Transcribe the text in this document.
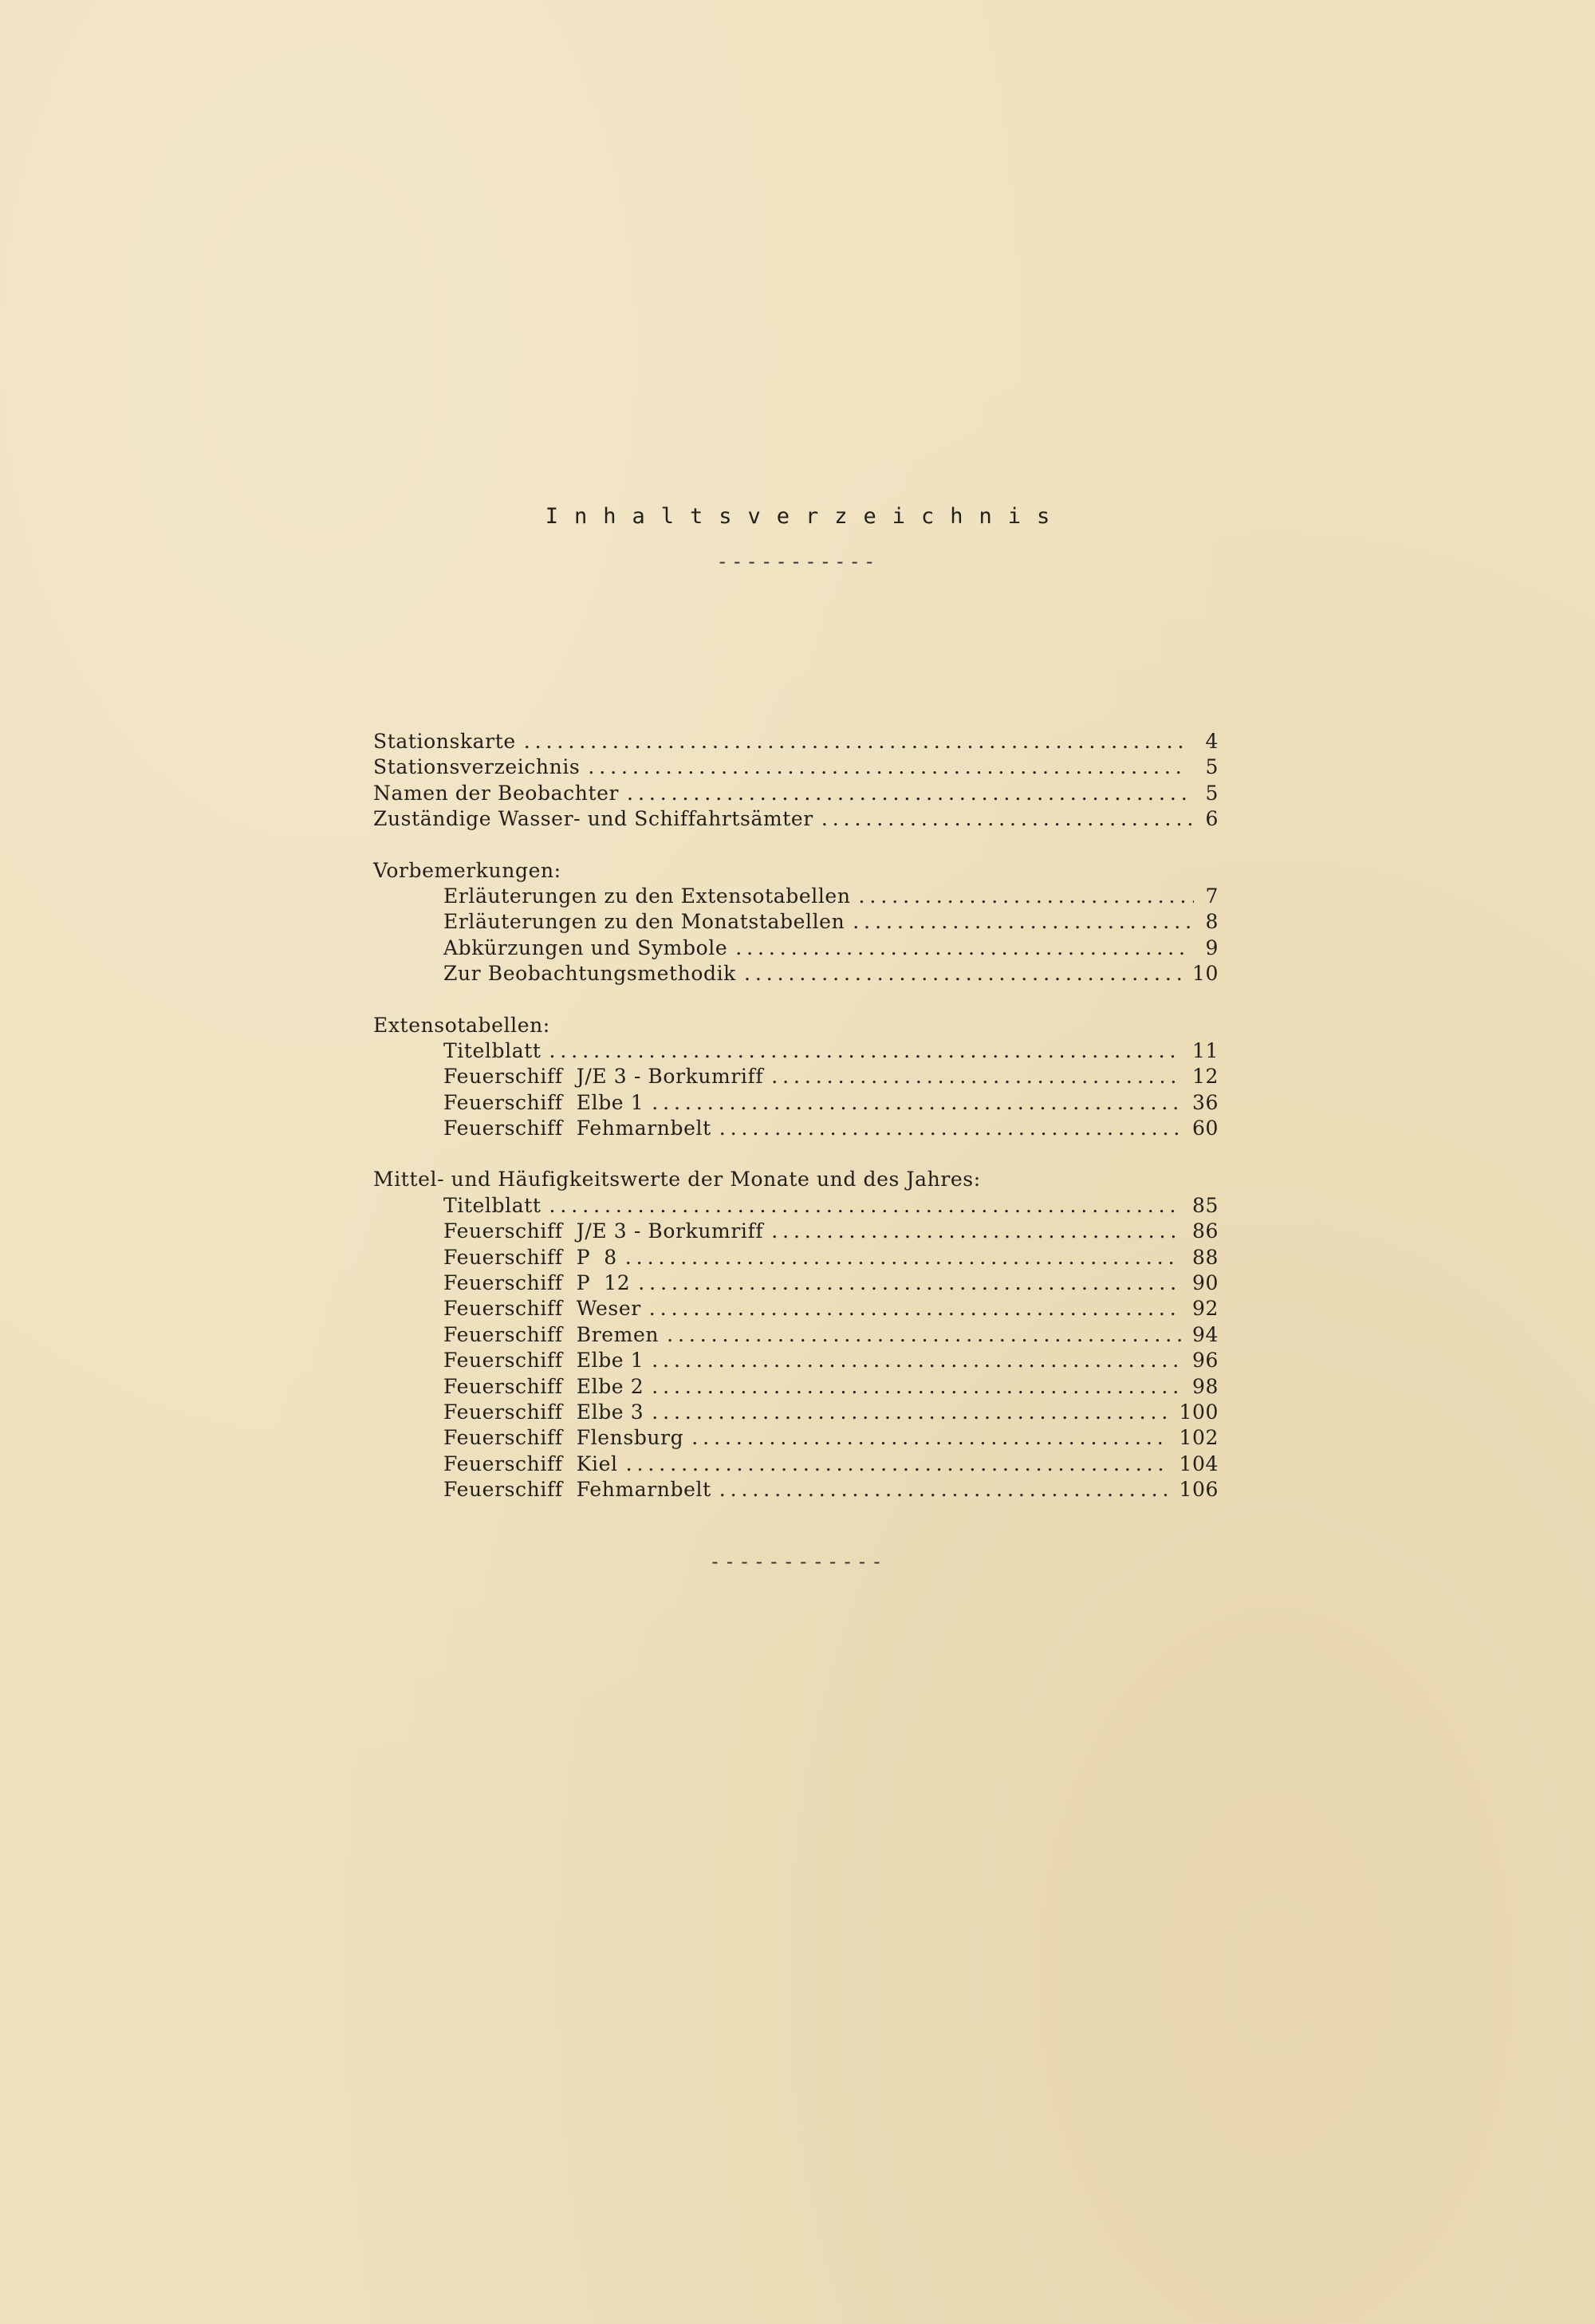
Inhaltsverzeichnis
-----------
Stationskarte . . .	4
Stationsverzeichnis . . .	5
Namen der Beobachter . . .	5
Zuständige Wasser- und Schiffahrtsämter . . .	6
Vorbemerkungen:
Erläuterungen zu den Extensotabellen . . .	7
Erläuterungen zu den Monatstabellen . . .	8
Abkürzungen und Symbole . . .	9
Zur Beobachtungsmethodik . . .	10
Extensotabellen:
Titelblatt . . .	11
Feuerschiff  J/E 3 - Borkumriff . . .	12
Feuerschiff  Elbe 1 . . .	36
Feuerschiff  Fehmarnbelt . . .	60
Mittel- und Häufigkeitswerte der Monate und des Jahres:
Titelblatt . . .	85
Feuerschiff  J/E 3 - Borkumriff . . .	86
Feuerschiff  P  8 . . .	88
Feuerschiff  P  12 . . .	90
Feuerschiff  Weser . . .	92
Feuerschiff  Bremen . . .	94
Feuerschiff  Elbe 1 . . .	96
Feuerschiff  Elbe 2 . . .	98
Feuerschiff  Elbe 3 . . .	100
Feuerschiff  Flensburg . . .	102
Feuerschiff  Kiel . . .	104
Feuerschiff  Fehmarnbelt . . .	106
------------
